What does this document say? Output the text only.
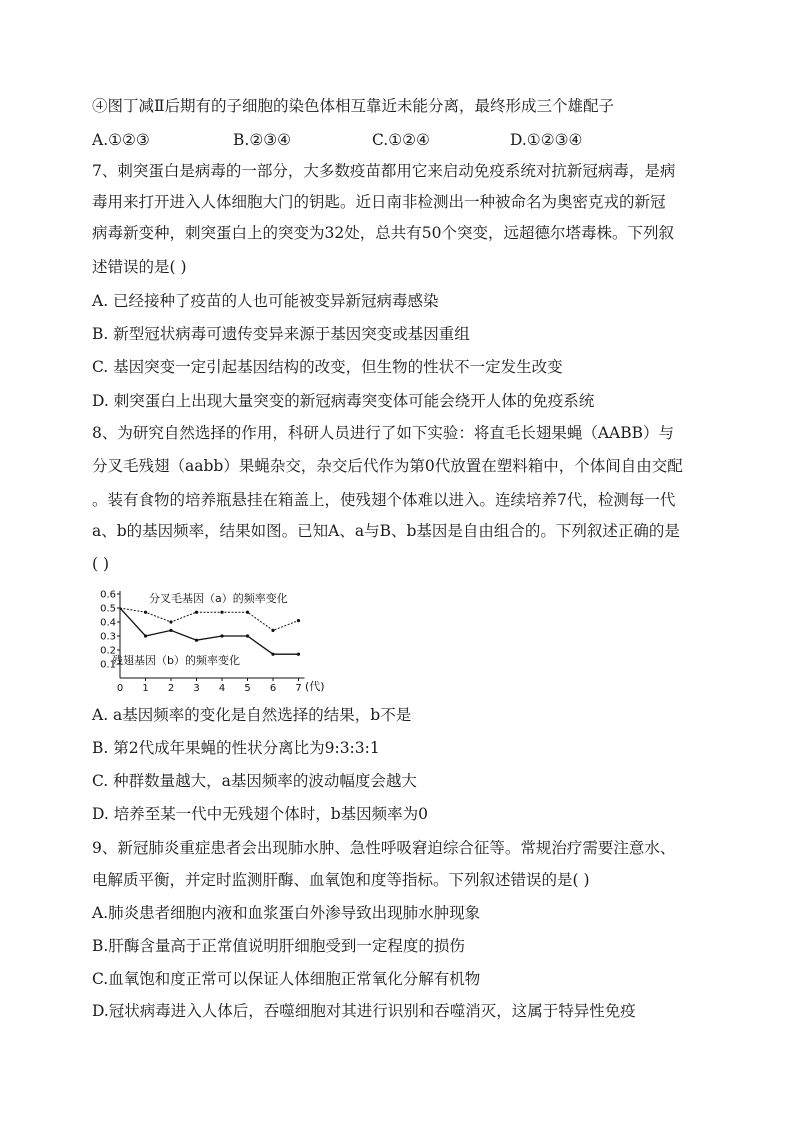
④图丁减Ⅱ后期有的子细胞的染色体相互靠近未能分离，最终形成三个雄配子
A.①②③	B.②③④	C.①②④	D.①②③④
7、刺突蛋白是病毒的一部分，大多数疫苗都用它来启动免疫系统对抗新冠病毒，是病
毒用来打开进入人体细胞大门的钥匙。近日南非检测出一种被命名为奥密克戎的新冠
病毒新变种，刺突蛋白上的突变为32处，总共有50个突变，远超德尔塔毒株。下列叙
述错误的是( )
A. 已经接种了疫苗的人也可能被变异新冠病毒感染
B. 新型冠状病毒可遗传变异来源于基因突变或基因重组
C. 基因突变一定引起基因结构的改变，但生物的性状不一定发生改变
D. 刺突蛋白上出现大量突变的新冠病毒突变体可能会绕开人体的免疫系统
8、为研究自然选择的作用，科研人员进行了如下实验：将直毛长翅果蝇（AABB）与
分叉毛残翅（aabb）果蝇杂交，杂交后代作为第0代放置在塑料箱中，个体间自由交配
。装有食物的培养瓶悬挂在箱盖上，使残翅个体难以进入。连续培养7代，检测每一代
a、b的基因频率，结果如图。已知A、a与B、b基因是自由组合的。下列叙述正确的是
( )
0.6
0.5
0.4
0.3
0.2
0.1
0 1 2 3 4 5 6 7
分叉毛基因（a）的频率变化
残翅基因（b）的频率变化
(代)
A. a基因频率的变化是自然选择的结果，b不是
B. 第2代成年果蝇的性状分离比为9:3:3:1
C. 种群数量越大，a基因频率的波动幅度会越大
D. 培养至某一代中无残翅个体时，b基因频率为0
9、新冠肺炎重症患者会出现肺水肿、急性呼吸窘迫综合征等。常规治疗需要注意水、
电解质平衡，并定时监测肝酶、血氧饱和度等指标。下列叙述错误的是( )
A.肺炎患者细胞内液和血浆蛋白外渗导致出现肺水肿现象
B.肝酶含量高于正常值说明肝细胞受到一定程度的损伤
C.血氧饱和度正常可以保证人体细胞正常氧化分解有机物
D.冠状病毒进入人体后，吞噬细胞对其进行识别和吞噬消灭，这属于特异性免疫
